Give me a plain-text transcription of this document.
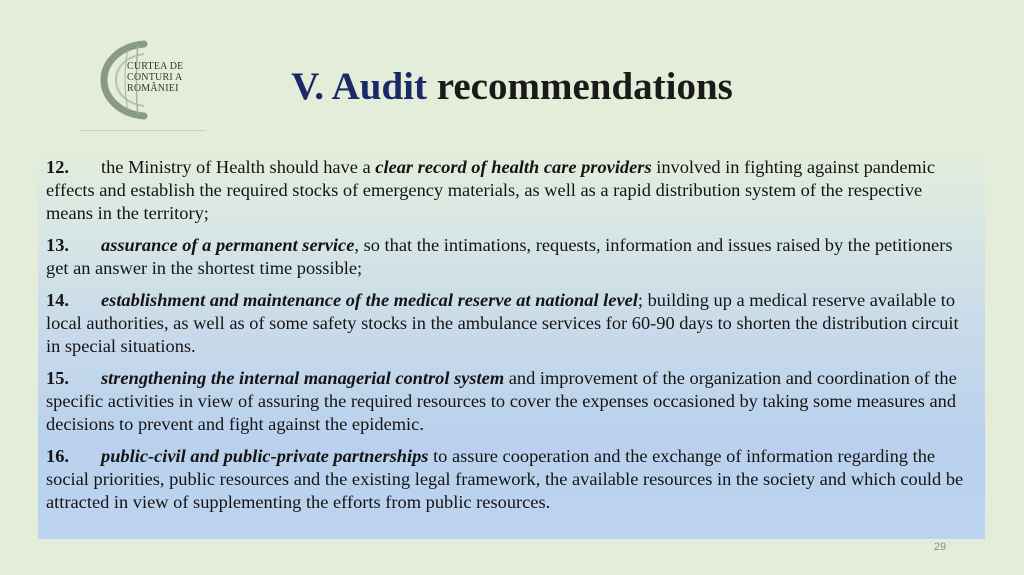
CURTEA DE
CONTURI A
ROMÂNIEI	V. Audit recommendations

12. the Ministry of Health should have a clear record of health care providers involved in fighting against pandemic effects and establish the required stocks of emergency materials, as well as a rapid distribution system of the respective means in the territory;

13. assurance of a permanent service, so that the intimations, requests, information and issues raised by the petitioners get an answer in the shortest time possible;

14. establishment and maintenance of the medical reserve at national level; building up a medical reserve available to local authorities, as well as of some safety stocks in the ambulance services for 60-90 days to shorten the distribution circuit in special situations.

15. strengthening the internal managerial control system and improvement of the organization and coordination of the specific activities in view of assuring the required resources to cover the expenses occasioned by taking some measures and decisions to prevent and fight against the epidemic.

16. public-civil and public-private partnerships to assure cooperation and the exchange of information regarding the social priorities, public resources and the existing legal framework, the available resources in the society and which could be attracted in view of supplementing the efforts from public resources.

29
